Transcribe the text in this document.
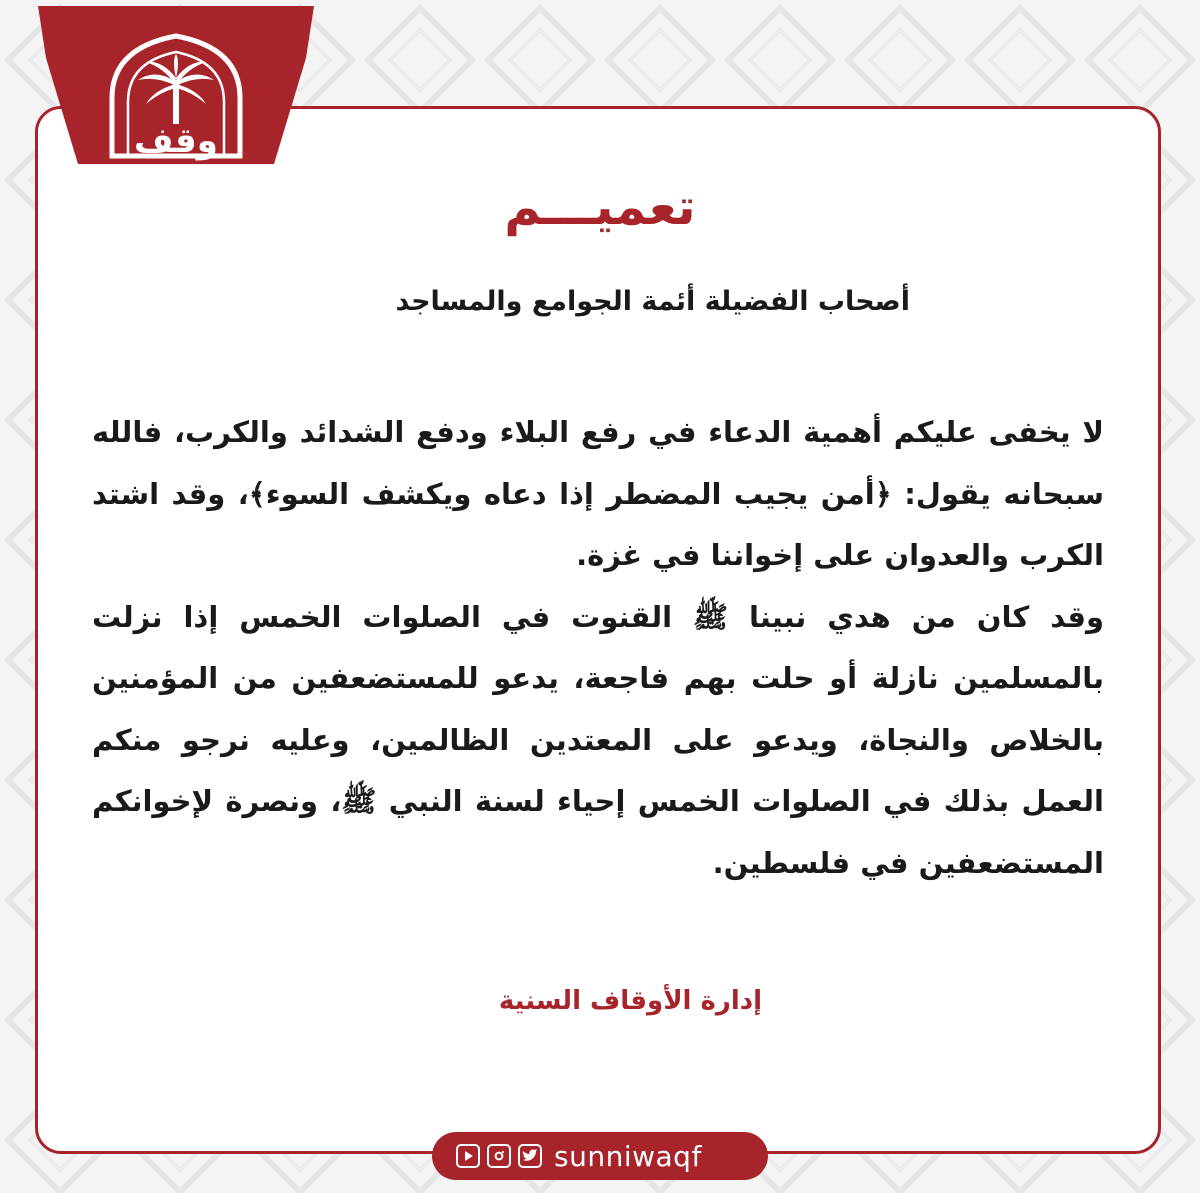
وقف
تعميـــم
أصحاب الفضيلة أئمة الجوامع والمساجد

لا يخفى عليكم أهمية الدعاء في رفع البلاء ودفع الشدائد والكرب، فالله سبحانه يقول: ﴿أمن يجيب المضطر إذا دعاه ويكشف السوء﴾، وقد اشتد الكرب والعدوان على إخواننا في غزة.

وقد كان من هدي نبينا ﷺ القنوت في الصلوات الخمس إذا نزلت بالمسلمين نازلة أو حلت بهم فاجعة، يدعو للمستضعفين من المؤمنين بالخلاص والنجاة، ويدعو على المعتدين الظالمين، وعليه نرجو منكم العمل بذلك في الصلوات الخمس إحياء لسنة النبي ﷺ، ونصرة لإخوانكم المستضعفين في فلسطين.

إدارة الأوقاف السنية
sunniwaqf
